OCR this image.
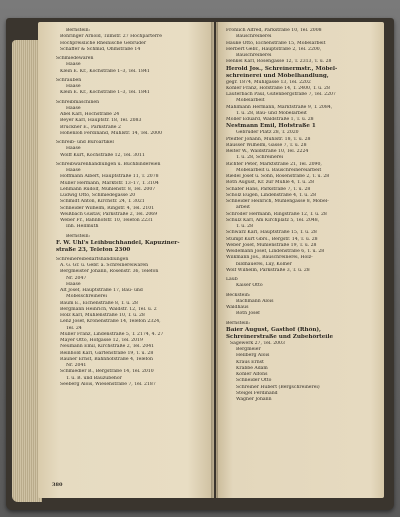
Bernstein:
Böhringer Arnold, Tilmstr. 27 Hochparterre
Hochpreisliche Rheinische Gebrüder
Schäffer & Schmid, Ohmstraße 14
Schmiedewaren
Haase
Klein E. Kr., Kochstraße 1–3, Tel. 1841
Schrauben
Haase
Klein E. Kr., Kochstraße 1–3, Tel. 1841
Schreibmaschinen
Haase
Abel Karl, Hochstraße 24
Beyer Karl, Hauptstr. 18, Tel. 2083
Brückner E., Parkstraße 2
Hohenloh Ferdinand, Mühlstr. 14, Tel. 2000
Schreib- und Büroartikel
Haase
Wolff Kurt, Kochstraße 12, Tel. 3011
Schreibwarenhandlungen u. Buchbindereien
Haase
Hoffmann Albert, Hauptstraße 11, T. 2078
Müller Hermann, Marktstr. 13–17, T. 3104
Lehmann Rudolf, Mühlenstr. 8, Tel. 2007
Ludwig Otto, Schmiedegasse 20
Schmidt Anton, Kirchstr. 24, T. 3021
Schneider Wilhelm, Ringstr. 4, Tel. 2101
Weißbach Gustav, Parkstraße 2, Tel. 2069
Weber Fr., Bahnhofstr. 10, Telefon 2231
Inh. Hellmuth
Bernstein:
F. W. Uhl's Leihbuchhandel, Kapuziner-
straße 23, Telefon 2300
Schreinereibedarfshandlungen
A. G. Gr. u. Gebr. a. Schreinereiwaren
Bergmeister Johann, Rosenstr. 36, Telefon
Nr. 2047
Haase
Alt Josef, Hauptstraße 17, Bau- und
Möbelschreinerei
Baum E., Eichenstraße 8, T. u. 28
Bergmann Heinrich, Waldstr. 12, Tel. u. 2
Holz Karl, Mühlenstraße 10, T. u. 28
Lenz Josef, Kronenstraße 14, Telefon 2324,
Tel. 24
Müller Franz, Lindenstraße 5, T. 2174, 4. 27
Mayer Otto, Hofgasse 12, Tel. 2019
Neumann Emil, Kirchstraße 2, Tel. 2041
Reinhold Karl, Gartenstraße 19, T. u. 28
Rauner Ernst, Bahnhofstraße 4, Telefon
Nr. 2041
Schmiedler B., Bergstraße 14, Tel. 2010
T. u. B. und Bauzubehör
Seeberg Alois, Wiesenstraße 7, Tel. 2187
380
Fröhlich Alfred, Parkstraße 10, Tel. 2008
Bauschreinerei
Hauke Otto, Eichenstraße 15, Möbelarbeit
Herbert Gebr., Hauptstraße 2, Tel. 2200,
Bauschreinerei
Henkel Karl, Rosengasse 12, T. 2313, T. u. 28
Herold Jos., Schreinermstr., Möbel-
schreinerei und Möbelhandlung,
gegr. 1874, Mühlgasse 13, Tel. 2202
Köhler Franz, Hofstraße 14, T. 2400, T. u. 28
Lauterbach Paul, Gutenbergstraße 7, Tel. 2207
Möbelarbeit
Mahlmann Hermann, Marktstraße 9, T. 2084,
T. u. 28, Bau- und Möbelarbeit
Möller Eduard, Waldstraße 1, T. u. 28
Nestmann Emil, Hofstraße 1
Gebrüder Platz 28, T. 2020
Pfeiffer Johann, Mühlstr. 18, T. u. 28
Rausser Wilhelm, Gasse 7, T. u. 28
Reiter W., Waldstraße 10, Tel. 2224
T. u. 28, Schreinerei
Richter Peter, Marktstraße 21, Tel. 2090,
Möbelarbeit u. Bauschreinereiarbeit
Riedel Josef u. Sohn, Rosenstraße 2, T. u. 28
Roth August, Kr. zur Mühle 4, T. u. 28
Schäfer Hans, Parkstraße 7, T. u. 28
Scholz Eugen, Lindenstraße 4, T. u. 28
Schneider Heinrich, Mühlengasse 8, Möbel-
arbeit
Schröder Hermann, Ringstraße 12, T. u. 28
Schulz Karl, Am Kirchplatz 5, Tel. 2048,
T. u. 28
Schwarz Karl, Hauptstraße 15, T. u. 28
Stumpf Kurt Gbrs., Bergstr. 14, T. u. 28
Weber Josef, Mühlenstraße 19, T. u. 28
Weidemann Josef, Lindenstraße 6, T. u. 28
Wilkmann Jos., Bauschreinerei, Holz-
bildhauerei, Luy, Kölner
Wolf Wilhelm, Parkstraße 3, T. u. 28
Laub
Kaiser Otto
Beckstein:
Bachmann Alois
Waldhaus
Roth Josef
Bernstein:
Baier August, Gasthof (Rhön),
Schreinerstraße und Zubehörteile
Sägewerk 27, Tel. 2003
Bergmeier
Hellberg Alois
Kraus Ernst
Krabbe Adam
Köhler Alfons
Schneider Otto
Schreiner Hubert (Bergschreinerei)
Steigel Ferdinand
Wagner Johann
